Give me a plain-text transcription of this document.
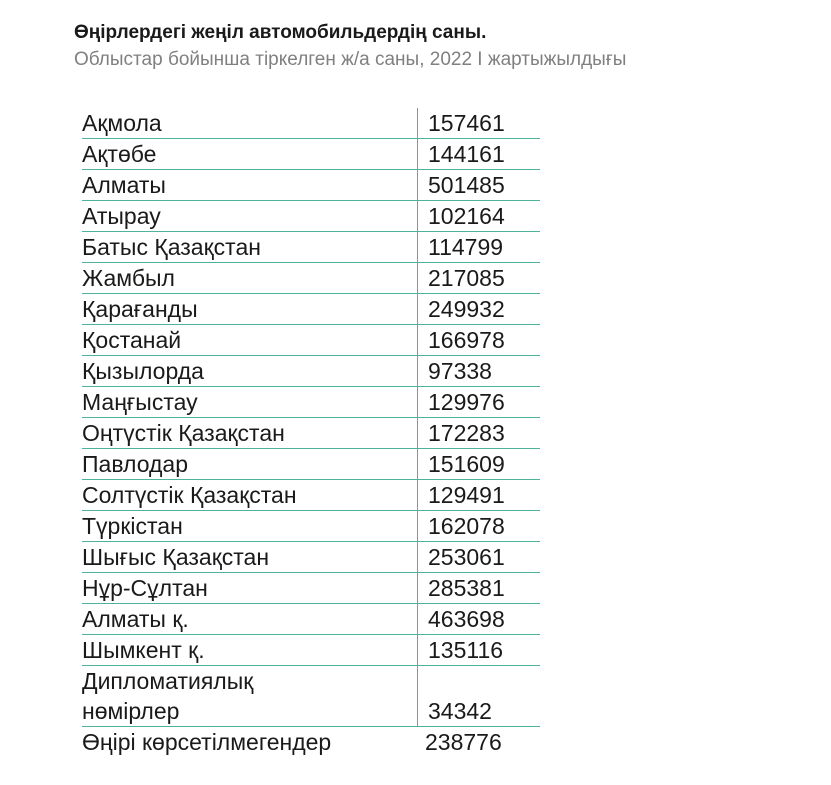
Өңірлердегі жеңіл автомобильдердің саны.
Облыстар бойынша тіркелген ж/а саны, 2022 І жартыжылдығы
Ақмола	157461
Ақтөбе	144161
Алматы	501485
Атырау	102164
Батыс Қазақстан	114799
Жамбыл	217085
Қарағанды	249932
Қостанай	166978
Қызылорда	97338
Маңғыстау	129976
Оңтүстік Қазақстан	172283
Павлодар	151609
Солтүстік Қазақстан	129491
Түркістан	162078
Шығыс Қазақстан	253061
Нұр-Сұлтан	285381
Алматы қ.	463698
Шымкент қ.	135116
Дипломатиялық
нөмірлер	34342
Өңірі көрсетілмегендер	238776
